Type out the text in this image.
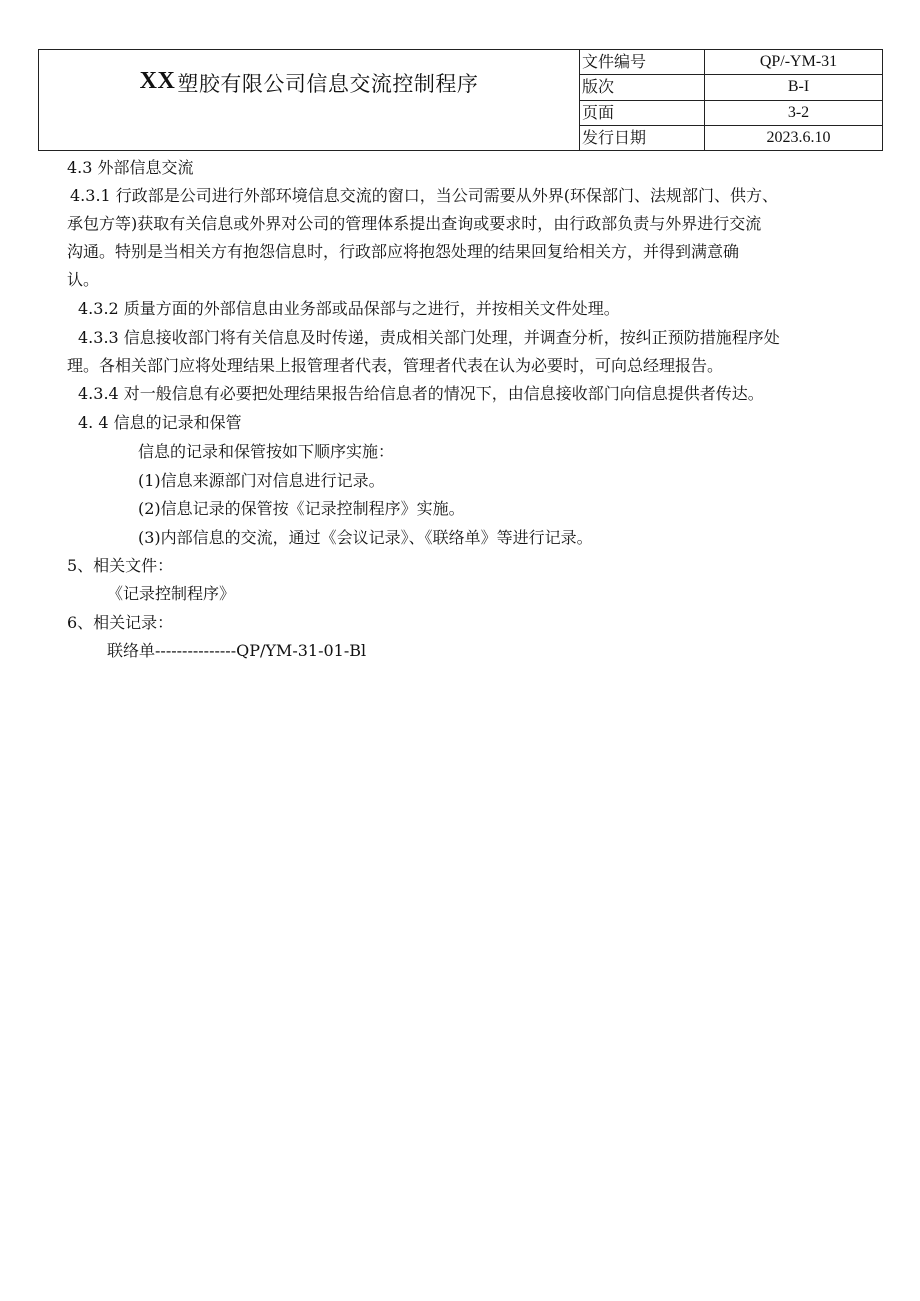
XX 塑胶有限公司信息交流控制程序
文件编号	QP/-YM-31
版次	B-I
页面	3-2
发行日期	2023.6.10
4.3 外部信息交流
4.3.1 行政部是公司进行外部环境信息交流的窗口，当公司需要从外界(环保部门、法规部门、供方、
承包方等)获取有关信息或外界对公司的管理体系提出查询或要求时，由行政部负责与外界进行交流
沟通。特别是当相关方有抱怨信息时，行政部应将抱怨处理的结果回复给相关方，并得到满意确
认。
4.3.2 质量方面的外部信息由业务部或品保部与之进行，并按相关文件处理。
4.3.3 信息接收部门将有关信息及时传递，责成相关部门处理，并调查分析，按纠正预防措施程序处
理。各相关部门应将处理结果上报管理者代表，管理者代表在认为必要时，可向总经理报告。
4.3.4 对一般信息有必要把处理结果报告给信息者的情况下，由信息接收部门向信息提供者传达。
4. 4 信息的记录和保管
信息的记录和保管按如下顺序实施：
(1)信息来源部门对信息进行记录。
(2)信息记录的保管按《记录控制程序》实施。
(3)内部信息的交流，通过《会议记录》、《联络单》等进行记录。
5、相关文件：
《记录控制程序》
6、相关记录：
联络单---------------QP/YM-31-01-Bl
